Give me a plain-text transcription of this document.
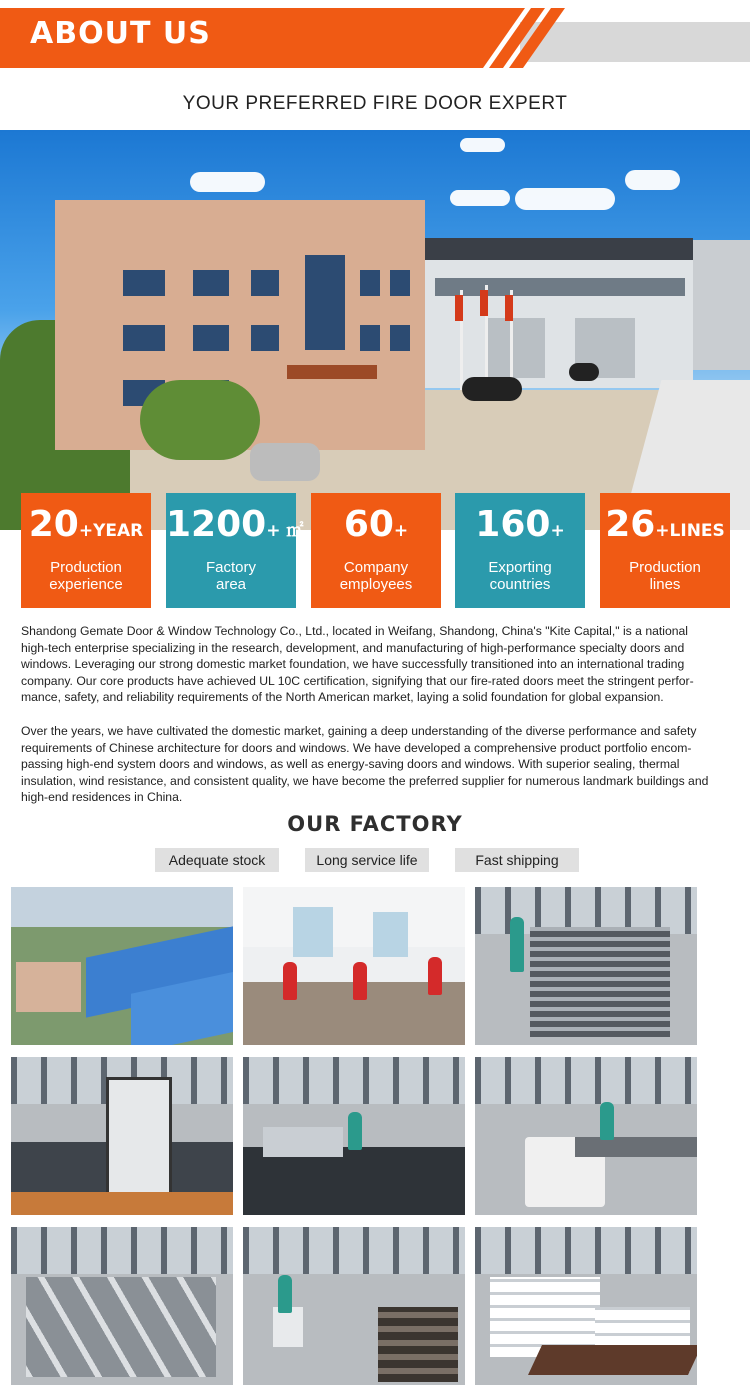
ABOUT US
YOUR PREFERRED FIRE DOOR EXPERT
20+YEAR
Production
experience
1200+ ㎡
Factory
area
60+
Company
employees
160+
Exporting
countries
26+LINES
Production
lines
Shandong Gemate Door & Window Technology Co., Ltd., located in Weifang, Shandong, China's "Kite Capital," is a national
high-tech enterprise specializing in the research, development, and manufacturing of high-performance specialty doors and
windows. Leveraging our strong domestic market foundation, we have successfully transitioned into an international trading
company. Our core products have achieved UL 10C certification, signifying that our fire-rated doors meet the stringent perfor-
mance, safety, and reliability requirements of the North American market, laying a solid foundation for global expansion.
Over the years, we have cultivated the domestic market, gaining a deep understanding of the diverse performance and safety
requirements of Chinese architecture for doors and windows. We have developed a comprehensive product portfolio encom-
passing high-end system doors and windows, as well as energy-saving doors and windows. With superior sealing, thermal
insulation, wind resistance, and consistent quality, we have become the preferred supplier for numerous landmark buildings and
high-end residences in China.
OUR FACTORY
Adequate stock	Long service life	Fast shipping
